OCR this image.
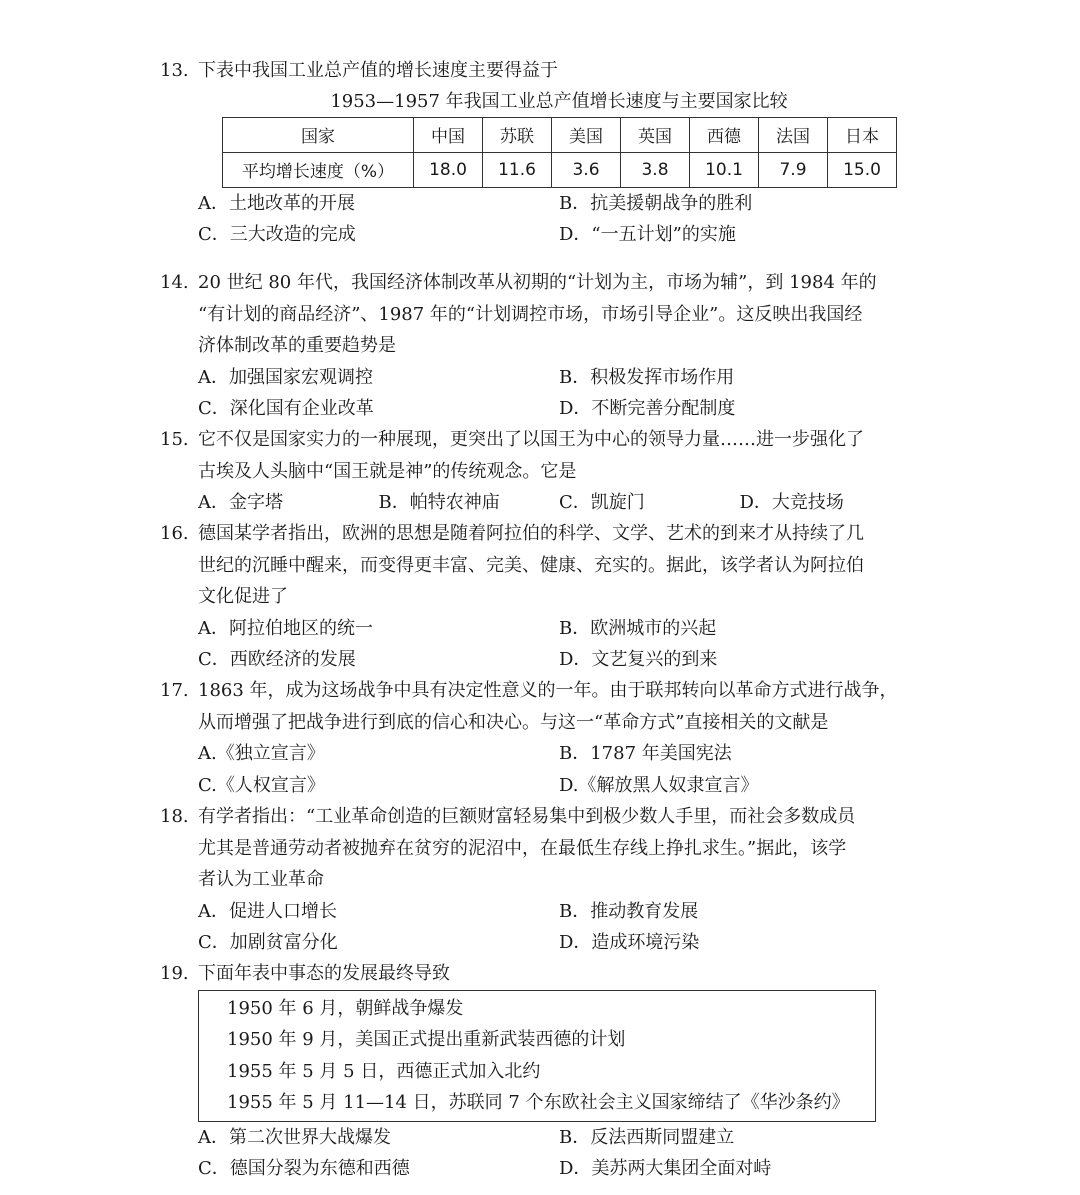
13. 下表中我国工业总产值的增长速度主要得益于
1953—1957 年我国工业总产值增长速度与主要国家比较
国家	中国	苏联	美国	英国	西德	法国	日本
平均增长速度（%）	18.0	11.6	3.6	3.8	10.1	7.9	15.0
A．土地改革的开展	B．抗美援朝战争的胜利
C．三大改造的完成	D．“一五计划”的实施
14. 20 世纪 80 年代，我国经济体制改革从初期的“计划为主，市场为辅”，到 1984 年的
“有计划的商品经济”、1987 年的“计划调控市场，市场引导企业”。这反映出我国经
济体制改革的重要趋势是
A．加强国家宏观调控	B．积极发挥市场作用
C．深化国有企业改革	D．不断完善分配制度
15. 它不仅是国家实力的一种展现，更突出了以国王为中心的领导力量……进一步强化了
古埃及人头脑中“国王就是神”的传统观念。它是
A．金字塔	B．帕特农神庙	C．凯旋门	D．大竞技场
16. 德国某学者指出，欧洲的思想是随着阿拉伯的科学、文学、艺术的到来才从持续了几
世纪的沉睡中醒来，而变得更丰富、完美、健康、充实的。据此，该学者认为阿拉伯
文化促进了
A．阿拉伯地区的统一	B．欧洲城市的兴起
C．西欧经济的发展	D．文艺复兴的到来
17. 1863 年，成为这场战争中具有决定性意义的一年。由于联邦转向以革命方式进行战争，
从而增强了把战争进行到底的信心和决心。与这一“革命方式”直接相关的文献是
A.《独立宣言》	B．1787 年美国宪法
C.《人权宣言》	D.《解放黑人奴隶宣言》
18. 有学者指出：“工业革命创造的巨额财富轻易集中到极少数人手里，而社会多数成员
尤其是普通劳动者被抛弃在贫穷的泥沼中，在最低生存线上挣扎求生。”据此，该学
者认为工业革命
A．促进人口增长	B．推动教育发展
C．加剧贫富分化	D．造成环境污染
19. 下面年表中事态的发展最终导致
1950 年 6 月，朝鲜战争爆发
1950 年 9 月，美国正式提出重新武装西德的计划
1955 年 5 月 5 日，西德正式加入北约
1955 年 5 月 11—14 日，苏联同 7 个东欧社会主义国家缔结了《华沙条约》
A．第二次世界大战爆发	B．反法西斯同盟建立
C．德国分裂为东德和西德	D．美苏两大集团全面对峙
